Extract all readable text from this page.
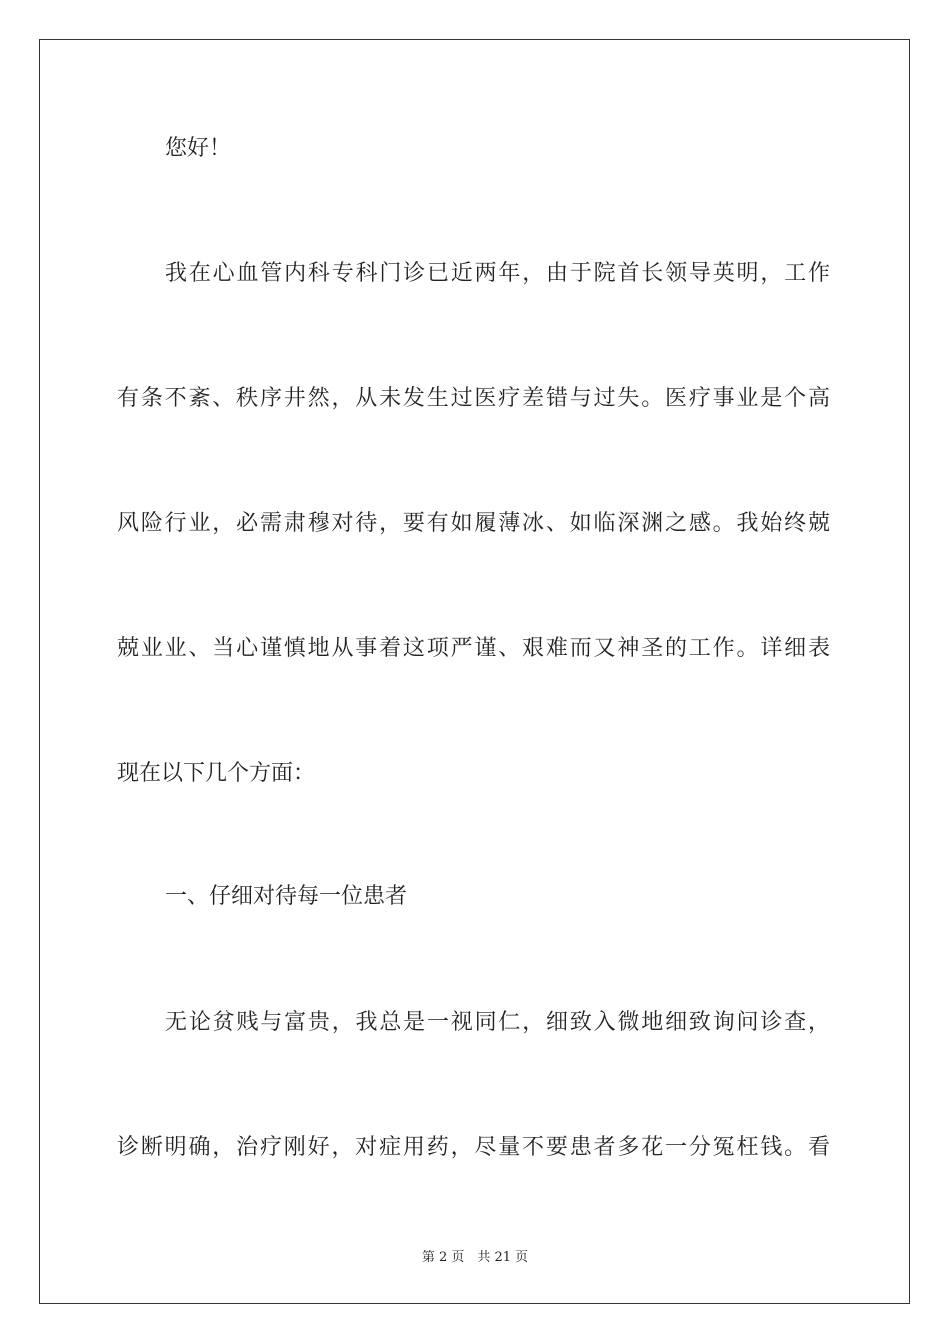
您好！
我在心血管内科专科门诊已近两年，由于院首长领导英明，工作
有条不紊、秩序井然，从未发生过医疗差错与过失。医疗事业是个高
风险行业，必需肃穆对待，要有如履薄冰、如临深渊之感。我始终兢
兢业业、当心谨慎地从事着这项严谨、艰难而又神圣的工作。详细表
现在以下几个方面：
一、仔细对待每一位患者
无论贫贱与富贵，我总是一视同仁，细致入微地细致询问诊查，
诊断明确，治疗刚好，对症用药，尽量不要患者多花一分冤枉钱。看
第 2 页　共 21 页
